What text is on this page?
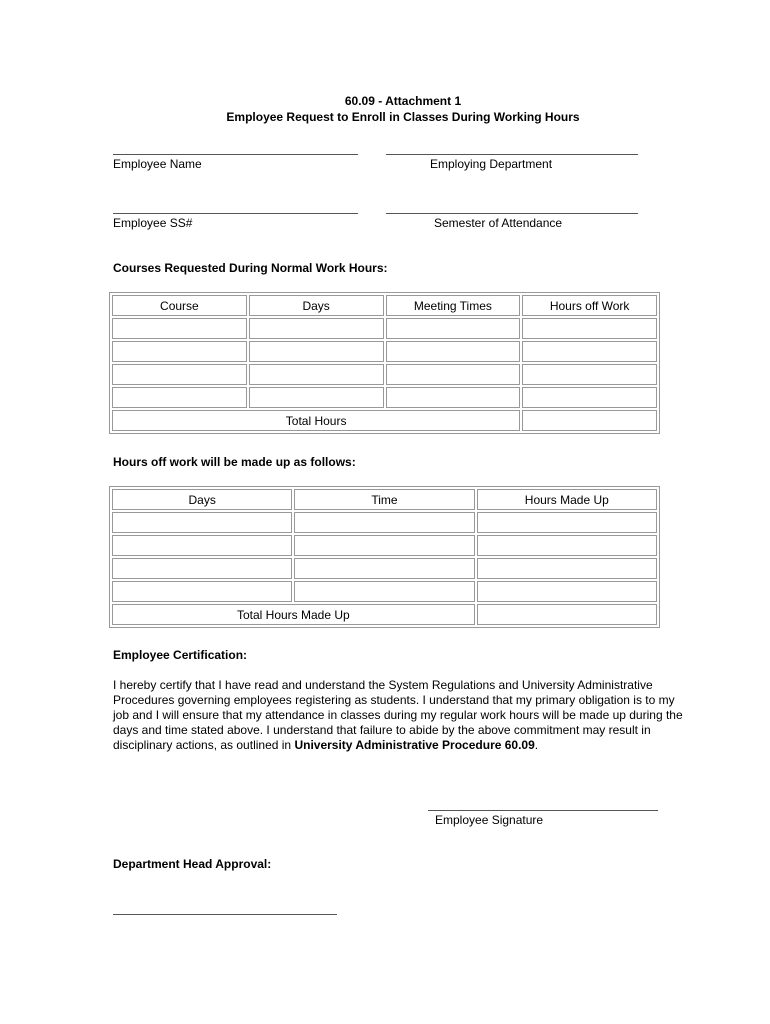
60.09 - Attachment 1
Employee Request to Enroll in Classes During Working Hours
Employee Name	Employing Department
Employee SS#	Semester of Attendance
Courses Requested During Normal Work Hours:
Course	Days	Meeting Times	Hours off Work

Total Hours			
Hours off work will be made up as follows:
Days	Time	Hours Made Up

Total Hours Made Up		
Employee Certification:
I hereby certify that I have read and understand the System Regulations and University Administrative Procedures governing employees registering as students. I understand that my primary obligation is to my job and I will ensure that my attendance in classes during my regular work hours will be made up during the days and time stated above. I understand that failure to abide by the above commitment may result in disciplinary actions, as outlined in University Administrative Procedure 60.09.
Employee Signature
Department Head Approval:
